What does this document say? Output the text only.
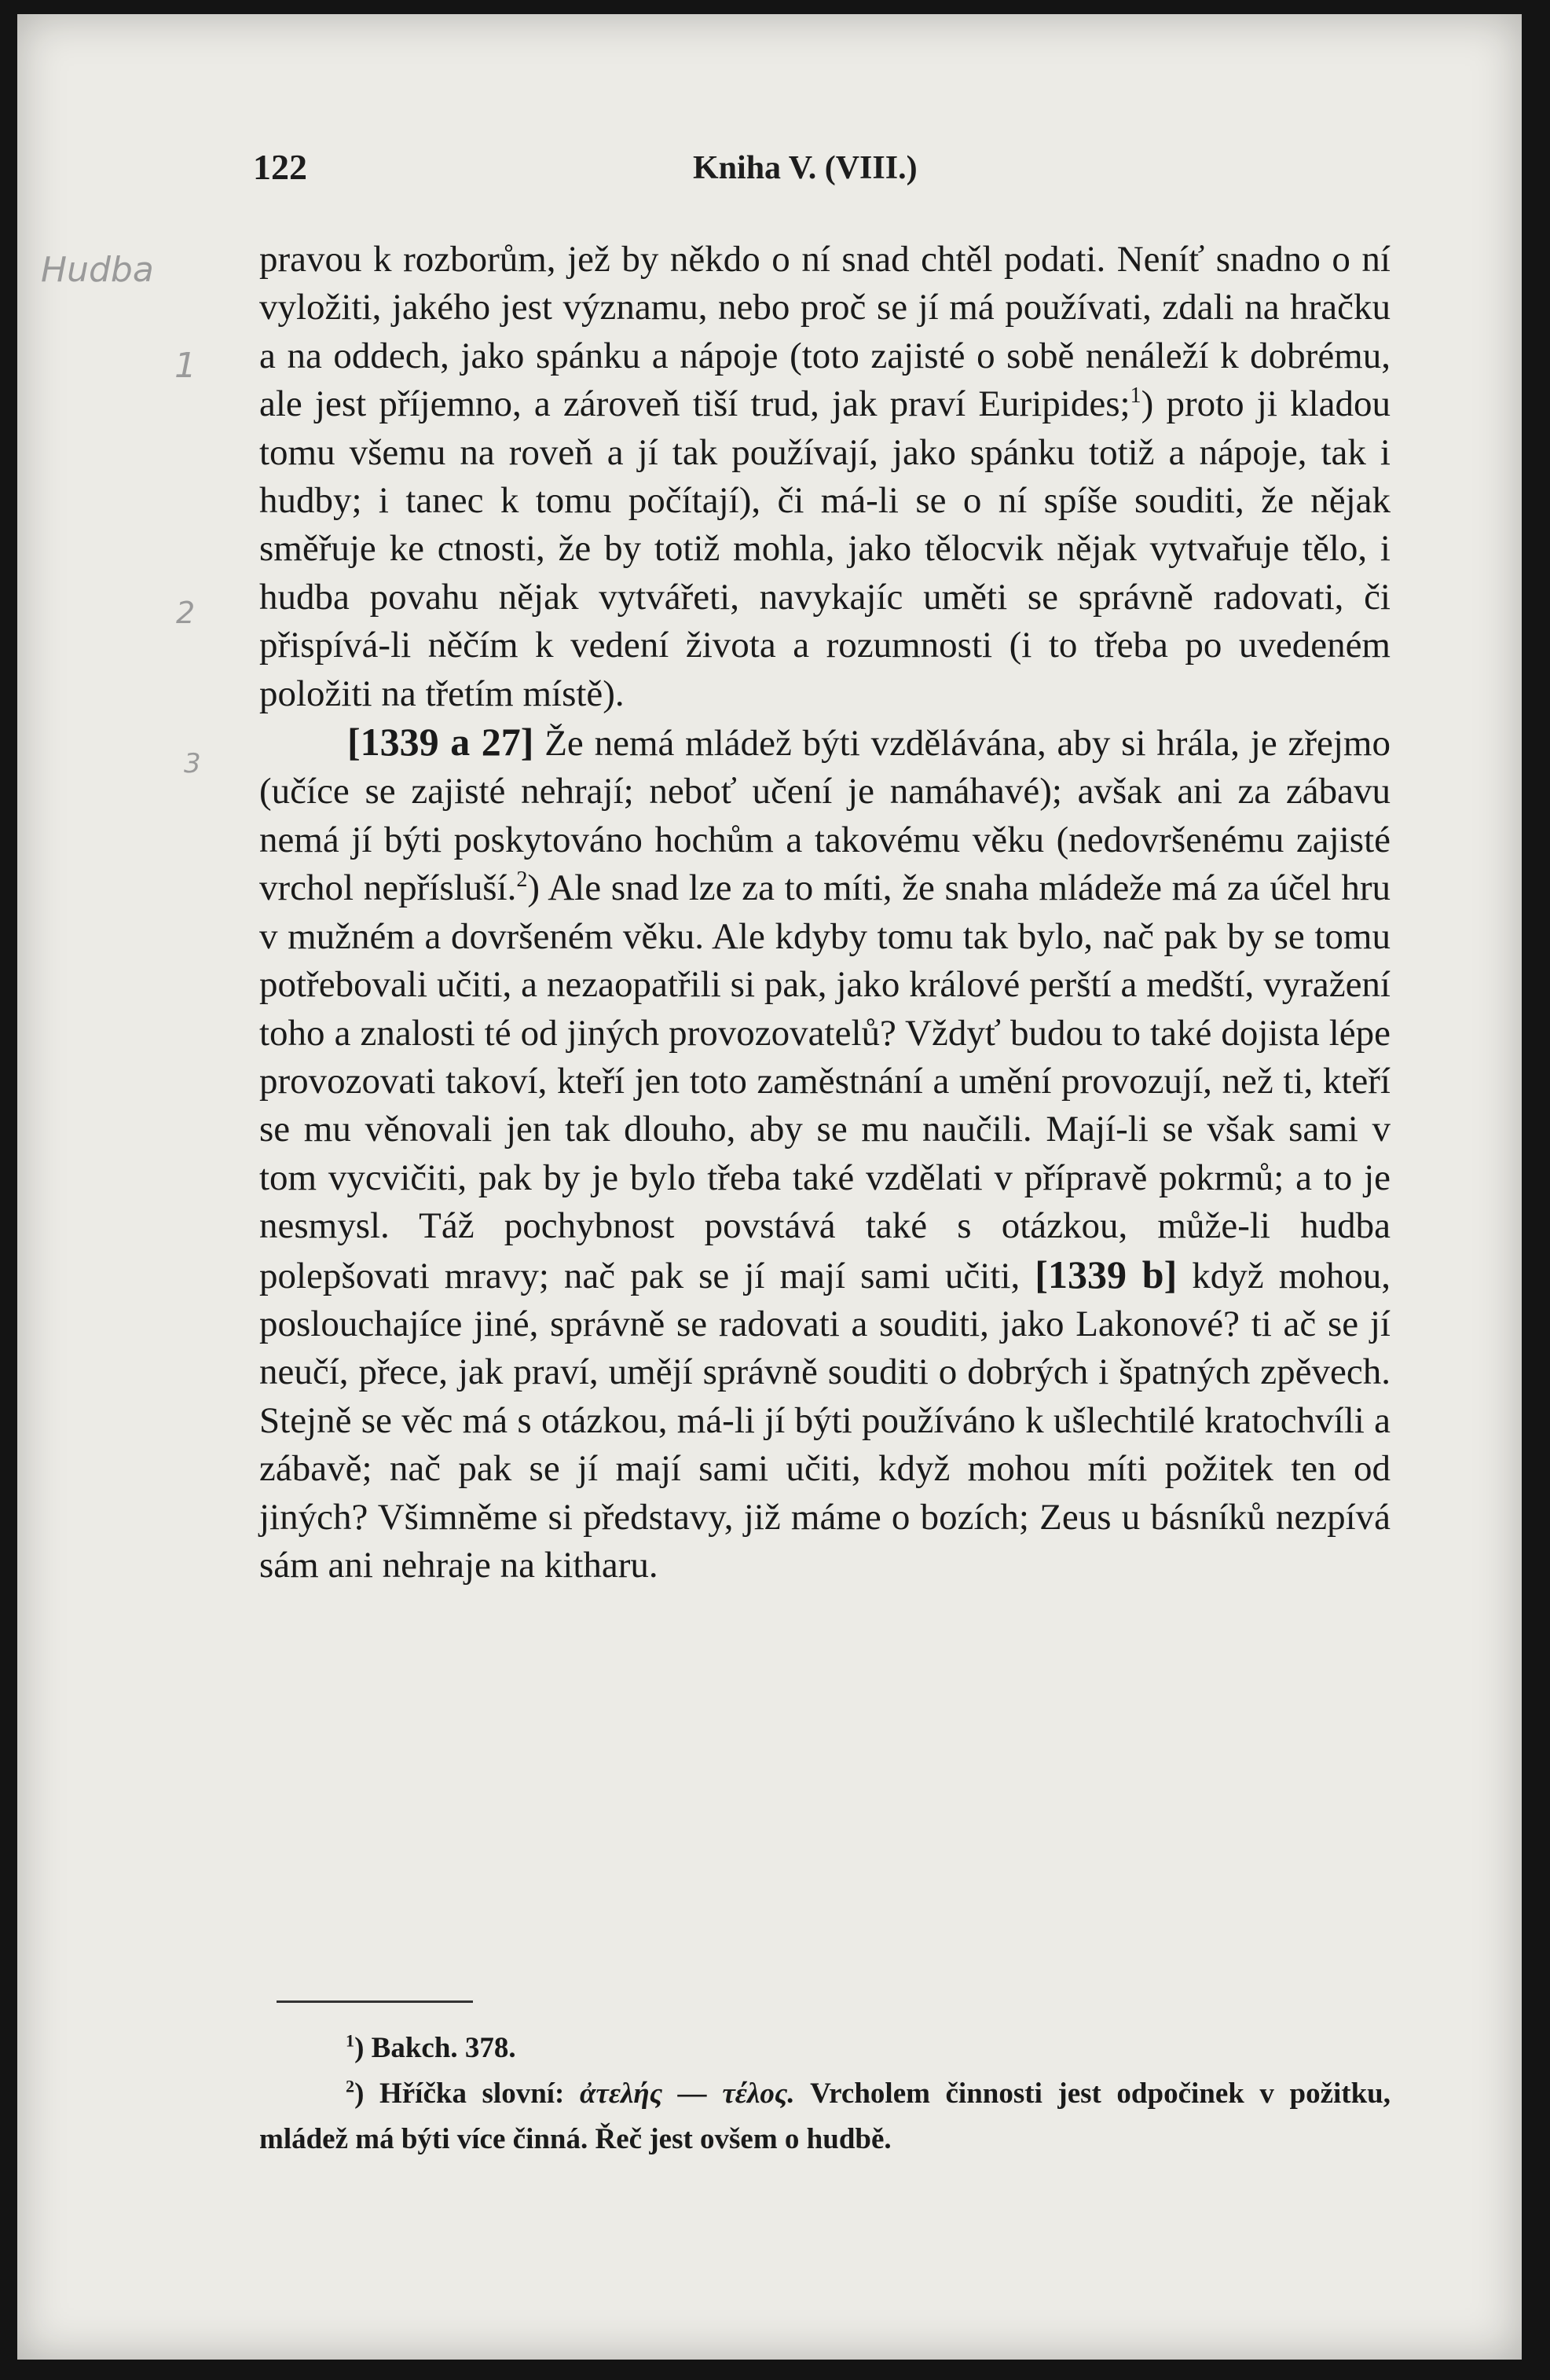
122	Kniha V. (VIII.)
Hudba
1
2
3

pravou k rozborům, jež by někdo o ní snad chtěl podati. Neníť snadno o ní vyložiti, jakého jest významu, nebo proč se jí má používati, zdali na hračku a na oddech, jako spánku a nápoje (toto zajisté o sobě nenáleží k dobrému, ale jest příjemno, a zároveň tiší trud, jak praví Euripides;$^1$) proto ji kladou tomu všemu na roveň a jí tak používají, jako spánku totiž a nápoje, tak i hudby; i tanec k tomu počítají), či má-li se o ní spíše souditi, že nějak směřuje ke ctnosti, že by totiž mohla, jako tělocvik nějak vytvařuje tělo, i hudba povahu nějak vytvářeti, navykajíc uměti se správně radovati, či přispívá-li něčím k vedení života a rozumnosti (i to třeba po uvedeném položiti na třetím místě).

[1339 a 27] Že nemá mládež býti vzdělávána, aby si hrála, je zřejmo (učíce se zajisté nehrají; neboť učení je namáhavé); avšak ani za zábavu nemá jí býti poskytováno hochům a takovému věku (nedovršenému zajisté vrchol nepřísluší.$^2$) Ale snad lze za to míti, že snaha mládeže má za účel hru v mužném a dovršeném věku. Ale kdyby tomu tak bylo, nač pak by se tomu potřebovali učiti, a nezaopatřili si pak, jako králové perští a medští, vyražení toho a znalosti té od jiných provozovatelů? Vždyť budou to také dojista lépe provozovati takoví, kteří jen toto zaměstnání a umění provozují, než ti, kteří se mu věnovali jen tak dlouho, aby se mu naučili. Mají-li se však sami v tom vycvičiti, pak by je bylo třeba také vzdělati v přípravě pokrmů; a to je nesmysl. Táž pochybnost povstává také s otázkou, může-li hudba polepšovati mravy; nač pak se jí mají sami učiti, [1339 b] když mohou, poslouchajíce jiné, správně se radovati a souditi, jako Lakonové? ti ač se jí neučí, přece, jak praví, umějí správně souditi o dobrých i špatných zpěvech. Stejně se věc má s otázkou, má-li jí býti používáno k ušlechtilé kratochvíli a zábavě; nač pak se jí mají sami učiti, když mohou míti požitek ten od jiných? Všimněme si představy, již máme o bozích; Zeus u básníků nezpívá sám ani nehraje na kitharu.

$^1$) Bakch. 378.

$^2$) Hříčka slovní: ἀτελής — τέλος. Vrcholem činnosti jest odpočinek v požitku, mládež má býti více činná. Řeč jest ovšem o hudbě.
